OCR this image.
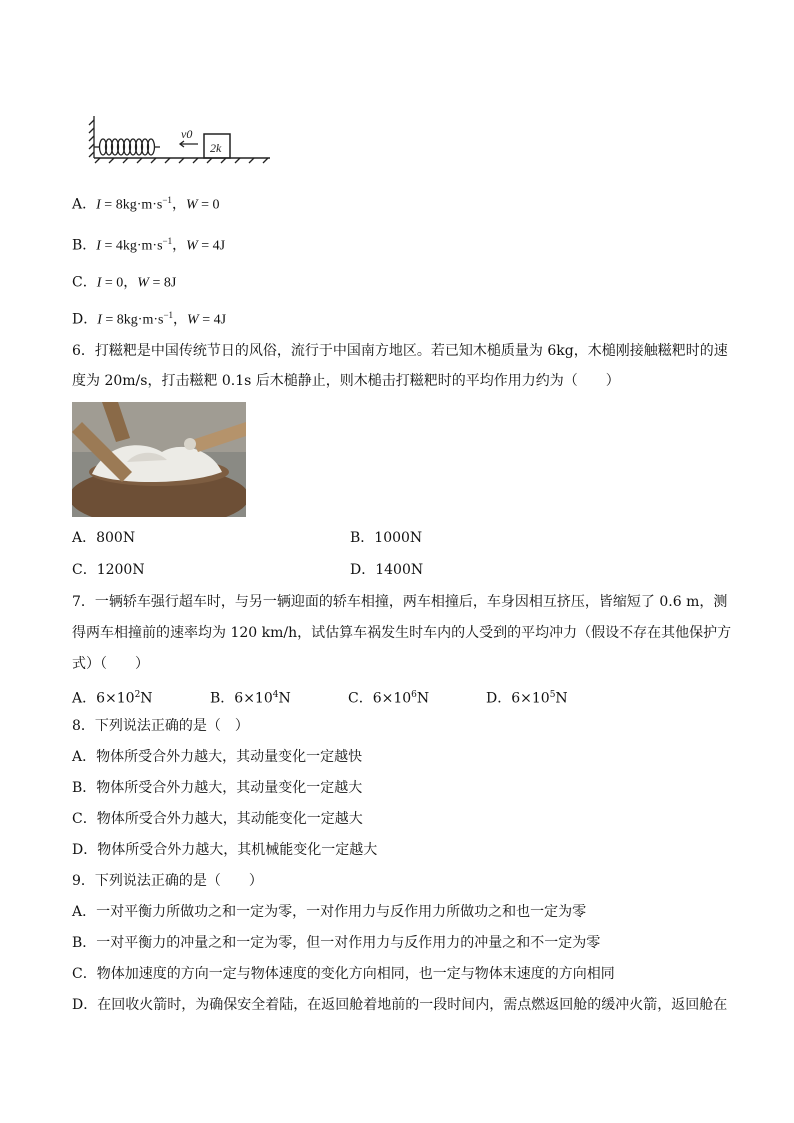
v0
2k
A．$I = 8kg\cdot m\cdot s^{-1}$，W = 0
B．$I = 4kg\cdot m\cdot s^{-1}$，W = 4J
C．I = 0，W = 8J
D．$I = 8kg\cdot m\cdot s^{-1}$，W = 4J
6．打糍粑是中国传统节日的风俗，流行于中国南方地区。若已知木槌质量为 6kg，木槌刚接触糍粑时的速
度为 20m/s，打击糍粑 0.1s 后木槌静止，则木槌击打糍粑时的平均作用力约为（　　）
A．800N	B．1000N
C．1200N	D．1400N
7．一辆轿车强行超车时，与另一辆迎面的轿车相撞，两车相撞后，车身因相互挤压，皆缩短了 0.6 m，测
得两车相撞前的速率均为 120 km/h，试估算车祸发生时车内的人受到的平均冲力（假设不存在其他保护方
式）（　　）
A．$6\times 10^2N$	B．$6\times 10^4N$	C．$6\times 10^6N$	D．$6\times 10^5N$
8．下列说法正确的是（　）
A．物体所受合外力越大，其动量变化一定越快
B．物体所受合外力越大，其动量变化一定越大
C．物体所受合外力越大，其动能变化一定越大
D．物体所受合外力越大，其机械能变化一定越大
9．下列说法正确的是（　　）
A．一对平衡力所做功之和一定为零，一对作用力与反作用力所做功之和也一定为零
B．一对平衡力的冲量之和一定为零，但一对作用力与反作用力的冲量之和不一定为零
C．物体加速度的方向一定与物体速度的变化方向相同，也一定与物体末速度的方向相同
D．在回收火箭时，为确保安全着陆，在返回舱着地前的一段时间内，需点燃返回舱的缓冲火箭，返回舱在
